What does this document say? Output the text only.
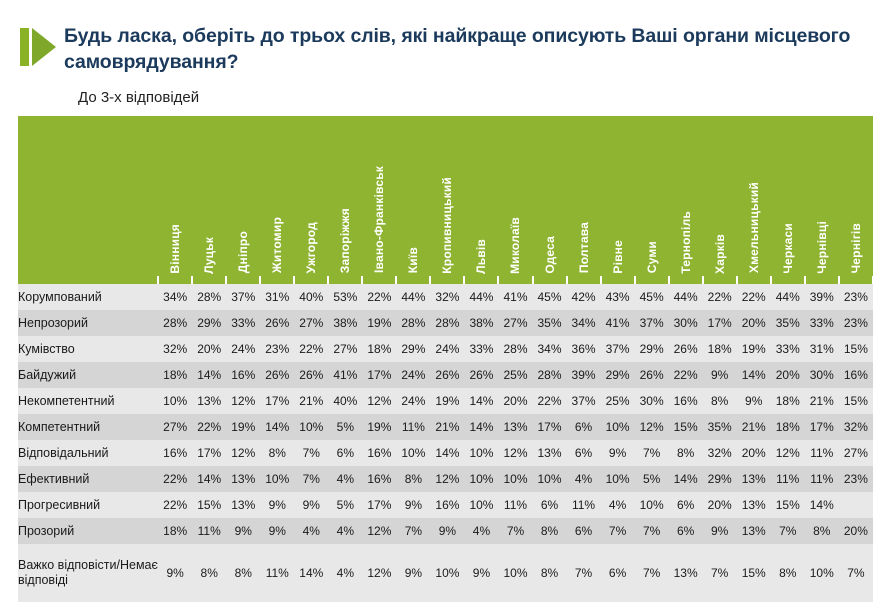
Будь ласка, оберіть до трьох слів, які найкраще описують Ваші органи місцевого самоврядування?
До 3-х відповідей
	Вінниця	Луцьк	Дніпро	Житомир	Ужгород	Запоріжжя	Івано-Франківськ	Київ	Кропивницький	Львів	Миколаїв	Одеса	Полтава	Рівне	Суми	Тернопіль	Харків	Хмельницький	Черкаси	Чернівці	Чернігів

Корумпований	34%	28%	37%	31%	40%	53%	22%	44%	32%	44%	41%	45%	42%	43%	45%	44%	22%	22%	44%	39%	23%
Непрозорий	28%	29%	33%	26%	27%	38%	19%	28%	28%	38%	27%	35%	34%	41%	37%	30%	17%	20%	35%	33%	23%
Кумівство	32%	20%	24%	23%	22%	27%	18%	29%	24%	33%	28%	34%	36%	37%	29%	26%	18%	19%	33%	31%	15%
Байдужий	18%	14%	16%	26%	26%	41%	17%	24%	26%	26%	25%	28%	39%	29%	26%	22%	9%	14%	20%	30%	16%
Некомпетентний	10%	13%	12%	17%	21%	40%	12%	24%	19%	14%	20%	22%	37%	25%	30%	16%	8%	9%	18%	21%	15%
Компетентний	27%	22%	19%	14%	10%	5%	19%	11%	21%	14%	13%	17%	6%	10%	12%	15%	35%	21%	18%	17%	32%
Відповідальний	16%	17%	12%	8%	7%	6%	16%	10%	14%	10%	12%	13%	6%	9%	7%	8%	32%	20%	12%	11%	27%
Ефективний	22%	14%	13%	10%	7%	4%	16%	8%	12%	10%	10%	10%	4%	10%	5%	14%	29%	13%	11%	11%	23%
Прогресивний	22%	15%	13%	9%	9%	5%	17%	9%	16%	10%	11%	6%	11%	4%	10%	6%	20%	13%	15%	14%	
Прозорий	18%	11%	9%	9%	4%	4%	12%	7%	9%	4%	7%	8%	6%	7%	7%	6%	9%	13%	7%	8%	20%
Важко відповісти/Немає відповіді	9%	8%	8%	11%	14%	4%	12%	9%	10%	9%	10%	8%	7%	6%	7%	13%	7%	15%	8%	10%	7%
